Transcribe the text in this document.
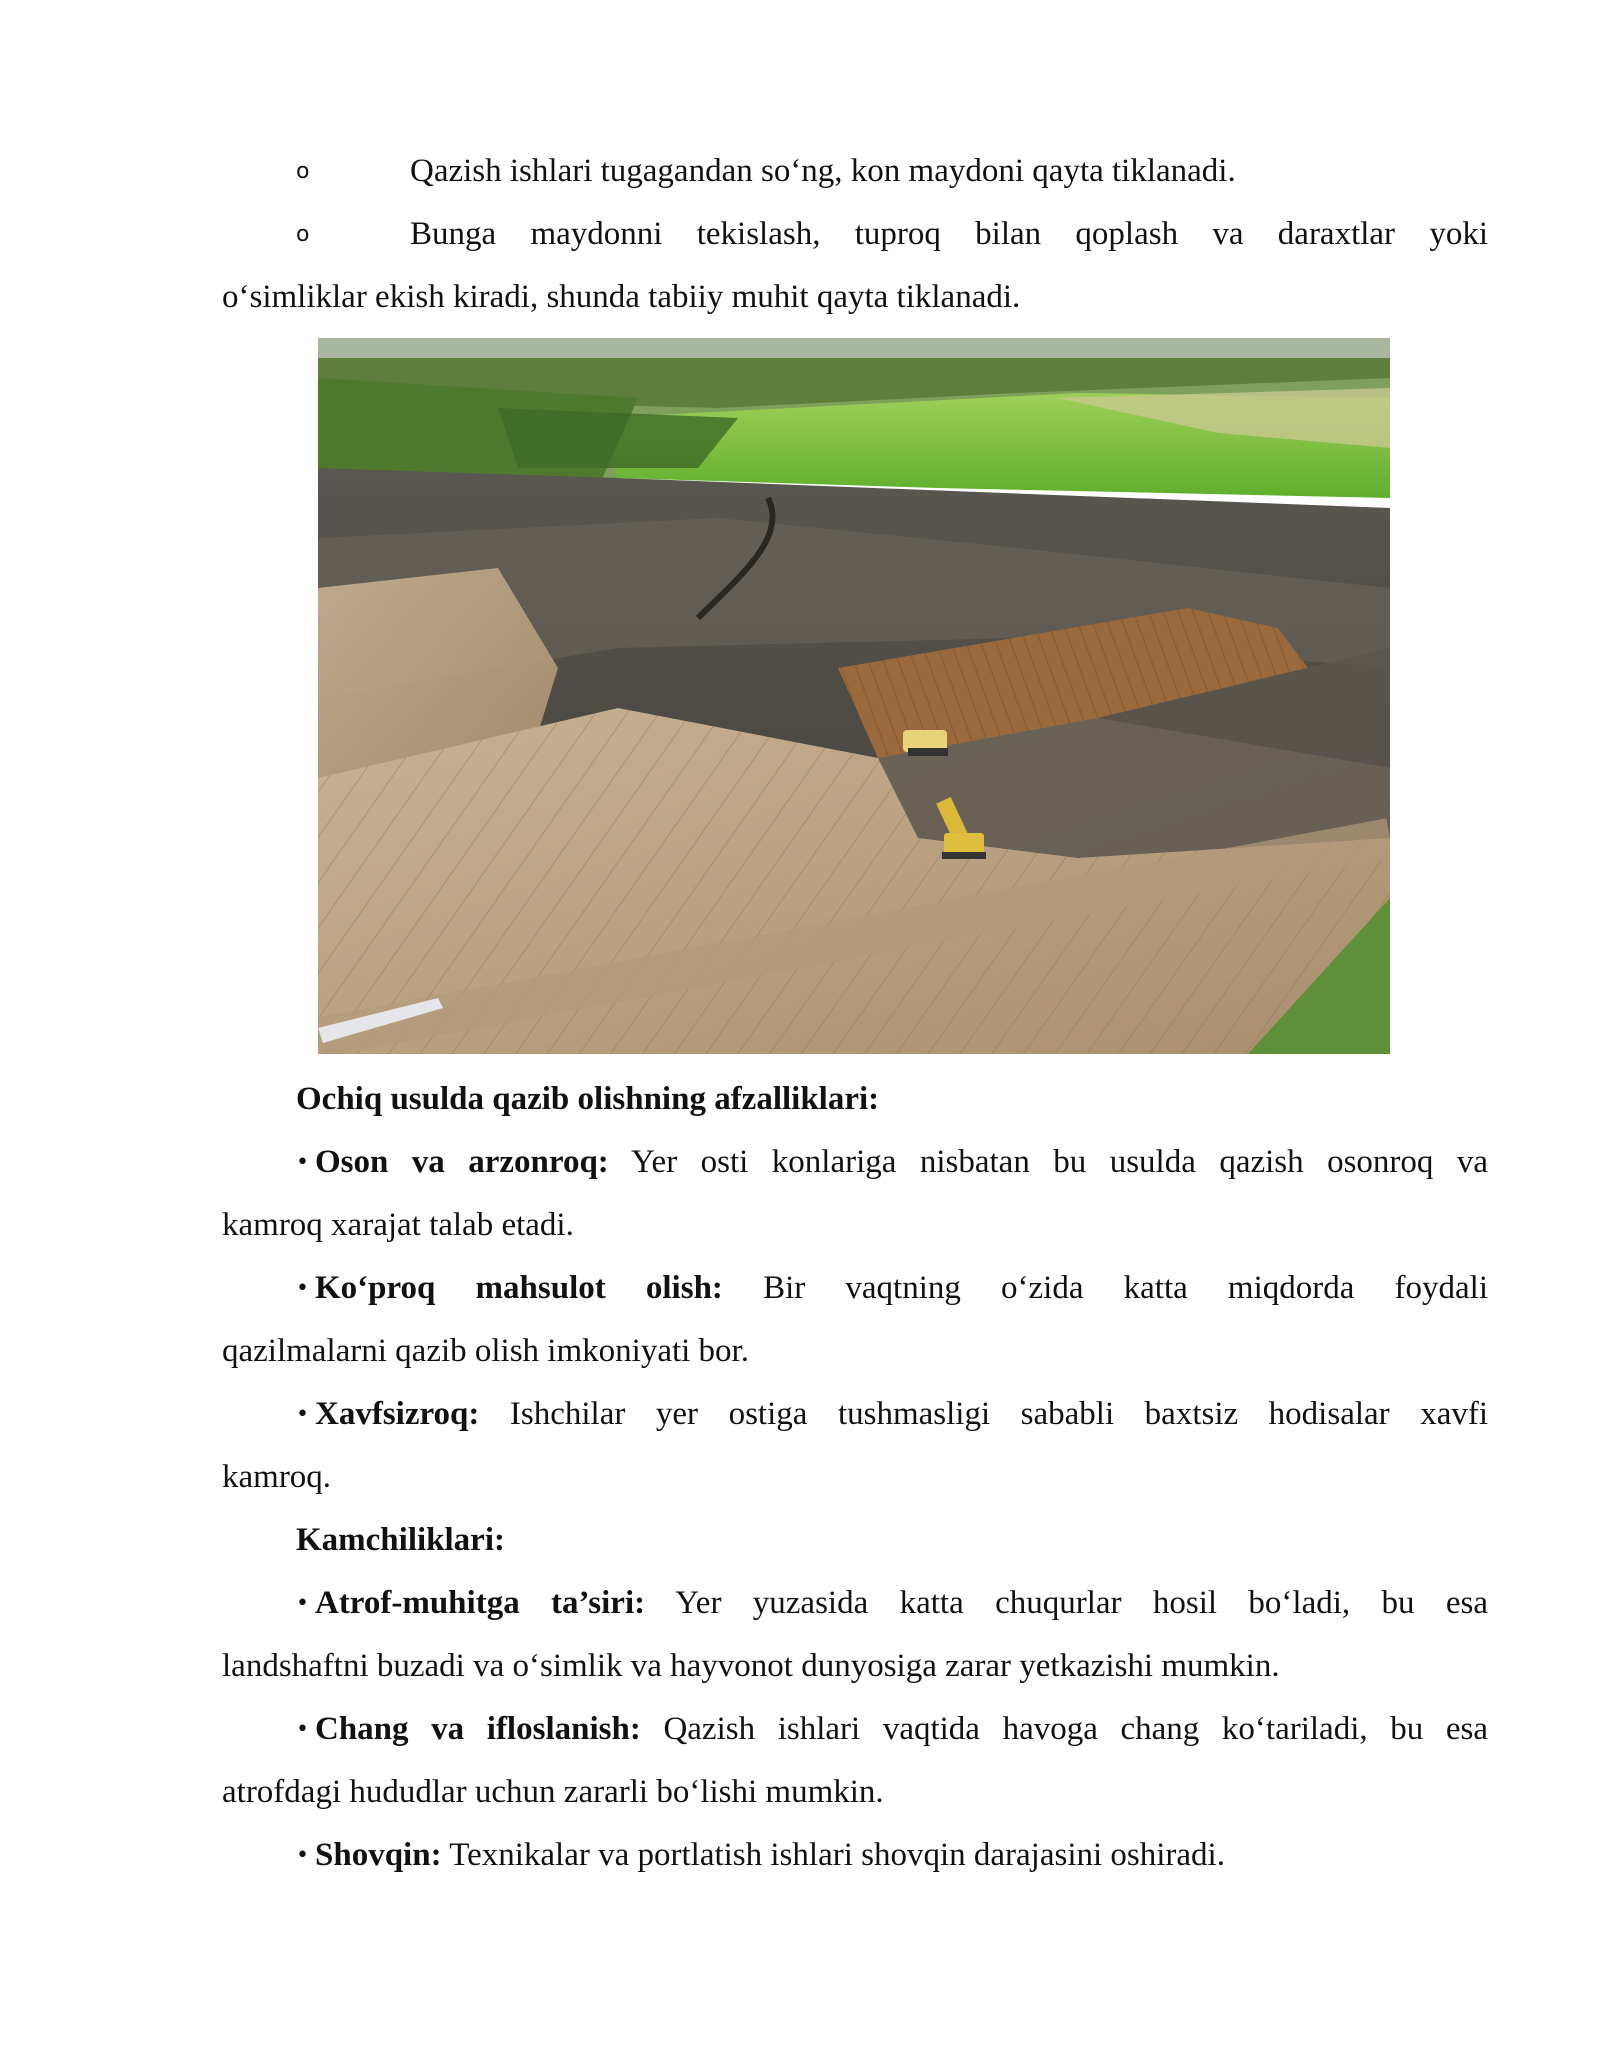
o	Qazish ishlari tugagandan so‘ng, kon maydoni qayta tiklanadi.
o	Bunga maydonni tekislash, tuproq bilan qoplash va daraxtlar yoki
o‘simliklar ekish kiradi, shunda tabiiy muhit qayta tiklanadi.
Ochiq usulda qazib olishning afzalliklari:
• Oson va arzonroq: Yer osti konlariga nisbatan bu usulda qazish osonroq va
kamroq xarajat talab etadi.
• Ko‘proq mahsulot olish: Bir vaqtning o‘zida katta miqdorda foydali
qazilmalarni qazib olish imkoniyati bor.
• Xavfsizroq: Ishchilar yer ostiga tushmasligi sababli baxtsiz hodisalar xavfi
kamroq.
Kamchiliklari:
• Atrof-muhitga ta’siri: Yer yuzasida katta chuqurlar hosil bo‘ladi, bu esa
landshaftni buzadi va o‘simlik va hayvonot dunyosiga zarar yetkazishi mumkin.
• Chang va ifloslanish: Qazish ishlari vaqtida havoga chang ko‘tariladi, bu esa
atrofdagi hududlar uchun zararli bo‘lishi mumkin.
• Shovqin: Texnikalar va portlatish ishlari shovqin darajasini oshiradi.
